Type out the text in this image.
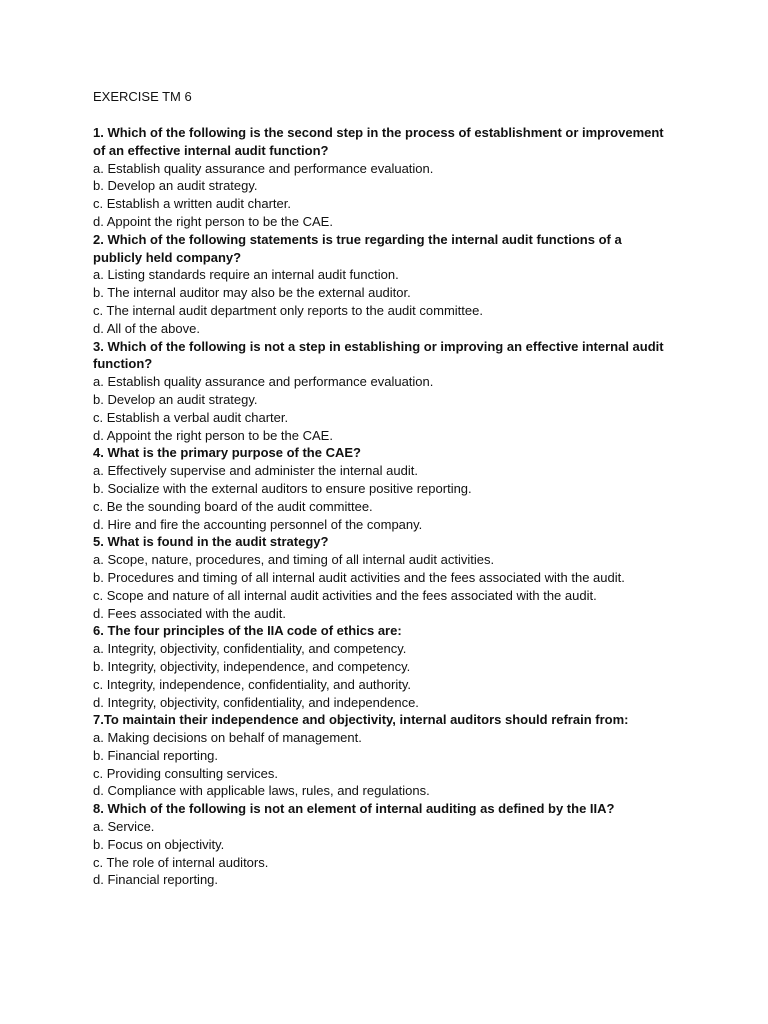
EXERCISE TM 6
1. Which of the following is the second step in the process of establishment or improvement of an effective internal audit function?
a. Establish quality assurance and performance evaluation.
b. Develop an audit strategy.
c. Establish a written audit charter.
d. Appoint the right person to be the CAE.
2. Which of the following statements is true regarding the internal audit functions of a publicly held company?
a. Listing standards require an internal audit function.
b. The internal auditor may also be the external auditor.
c. The internal audit department only reports to the audit committee.
d. All of the above.
3. Which of the following is not a step in establishing or improving an effective internal audit function?
a. Establish quality assurance and performance evaluation.
b. Develop an audit strategy.
c. Establish a verbal audit charter.
d. Appoint the right person to be the CAE.
4. What is the primary purpose of the CAE?
a. Effectively supervise and administer the internal audit.
b. Socialize with the external auditors to ensure positive reporting.
c. Be the sounding board of the audit committee.
d. Hire and fire the accounting personnel of the company.
5. What is found in the audit strategy?
a. Scope, nature, procedures, and timing of all internal audit activities.
b. Procedures and timing of all internal audit activities and the fees associated with the audit.
c. Scope and nature of all internal audit activities and the fees associated with the audit.
d. Fees associated with the audit.
6. The four principles of the IIA code of ethics are:
a. Integrity, objectivity, confidentiality, and competency.
b. Integrity, objectivity, independence, and competency.
c. Integrity, independence, confidentiality, and authority.
d. Integrity, objectivity, confidentiality, and independence.
7.To maintain their independence and objectivity, internal auditors should refrain from:
a. Making decisions on behalf of management.
b. Financial reporting.
c. Providing consulting services.
d. Compliance with applicable laws, rules, and regulations.
8. Which of the following is not an element of internal auditing as defined by the IIA?
a. Service.
b. Focus on objectivity.
c. The role of internal auditors.
d. Financial reporting.
